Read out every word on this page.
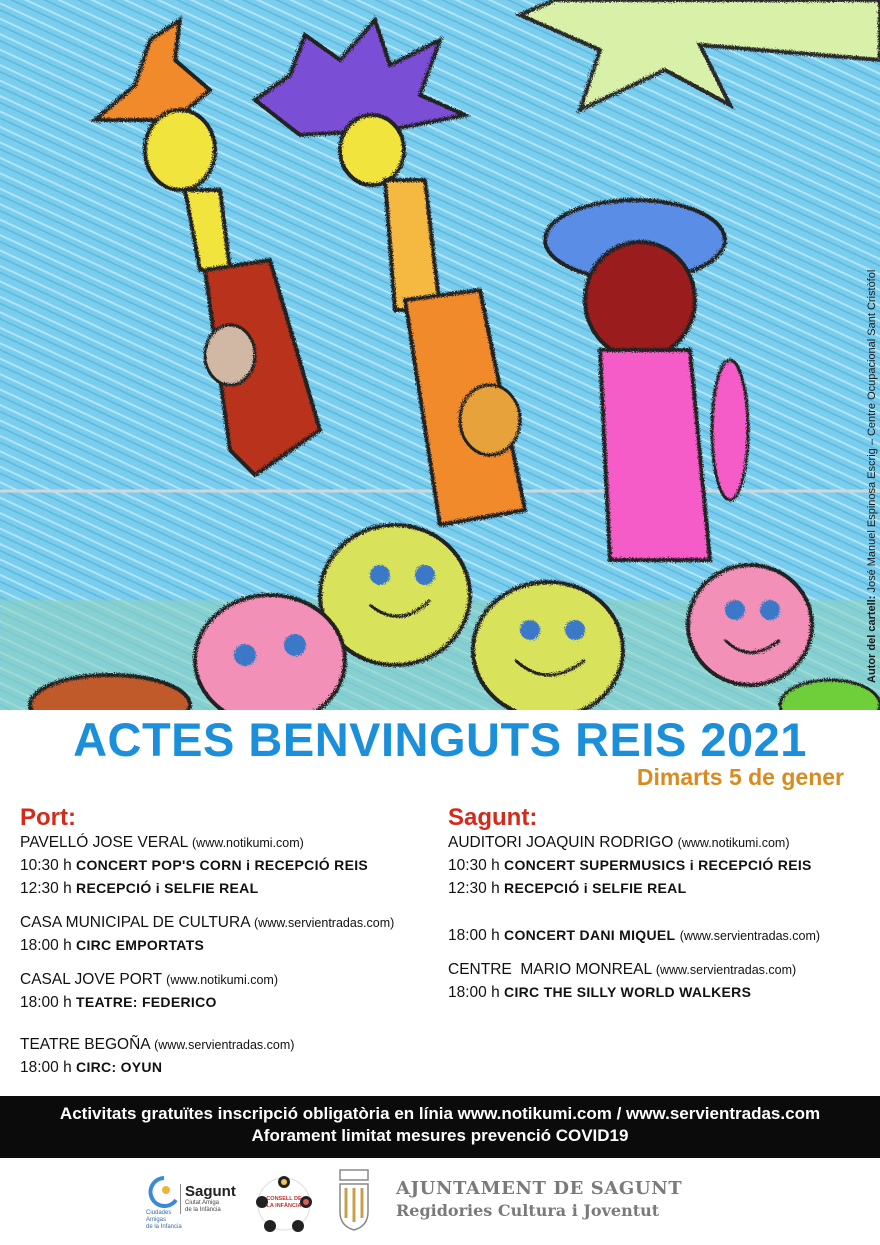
Autor del cartell: José Manuel Espinosa Escrig – Centre Ocupacional Sant Cristòfol
ACTES BENVINGUTS REIS 2021
Dimarts 5 de gener
Port:
PAVELLÓ JOSE VERAL (www.notikumi.com)
10:30 h CONCERT POP'S CORN i RECEPCIÓ REIS
12:30 h RECEPCIÓ i SELFIE REAL
CASA MUNICIPAL DE CULTURA (www.servientradas.com)
18:00 h CIRC EMPORTATS
CASAL JOVE PORT (www.notikumi.com)
18:00 h TEATRE: FEDERICO
TEATRE BEGOÑA (www.servientradas.com)
18:00 h CIRC: OYUN
Sagunt:
AUDITORI JOAQUIN RODRIGO (www.notikumi.com)
10:30 h CONCERT SUPERMUSICS i RECEPCIÓ REIS
12:30 h RECEPCIÓ i SELFIE REAL
18:00 h CONCERT DANI MIQUEL (www.servientradas.com)
CENTRE  MARIO MONREAL (www.servientradas.com)
18:00 h CIRC THE SILLY WORLD WALKERS
Activitats gratuïtes inscripció obligatòria en línia www.notikumi.com / www.servientradas.com
Aforament limitat mesures prevenció COVID19
Ciudades
Amigas
de la Infancia
Sagunt
Ciutat Amiga
de la Infància
CONSELL DE
LA INFÀNCIA
AJUNTAMENT DE SAGUNT
Regidories Cultura i Joventut
